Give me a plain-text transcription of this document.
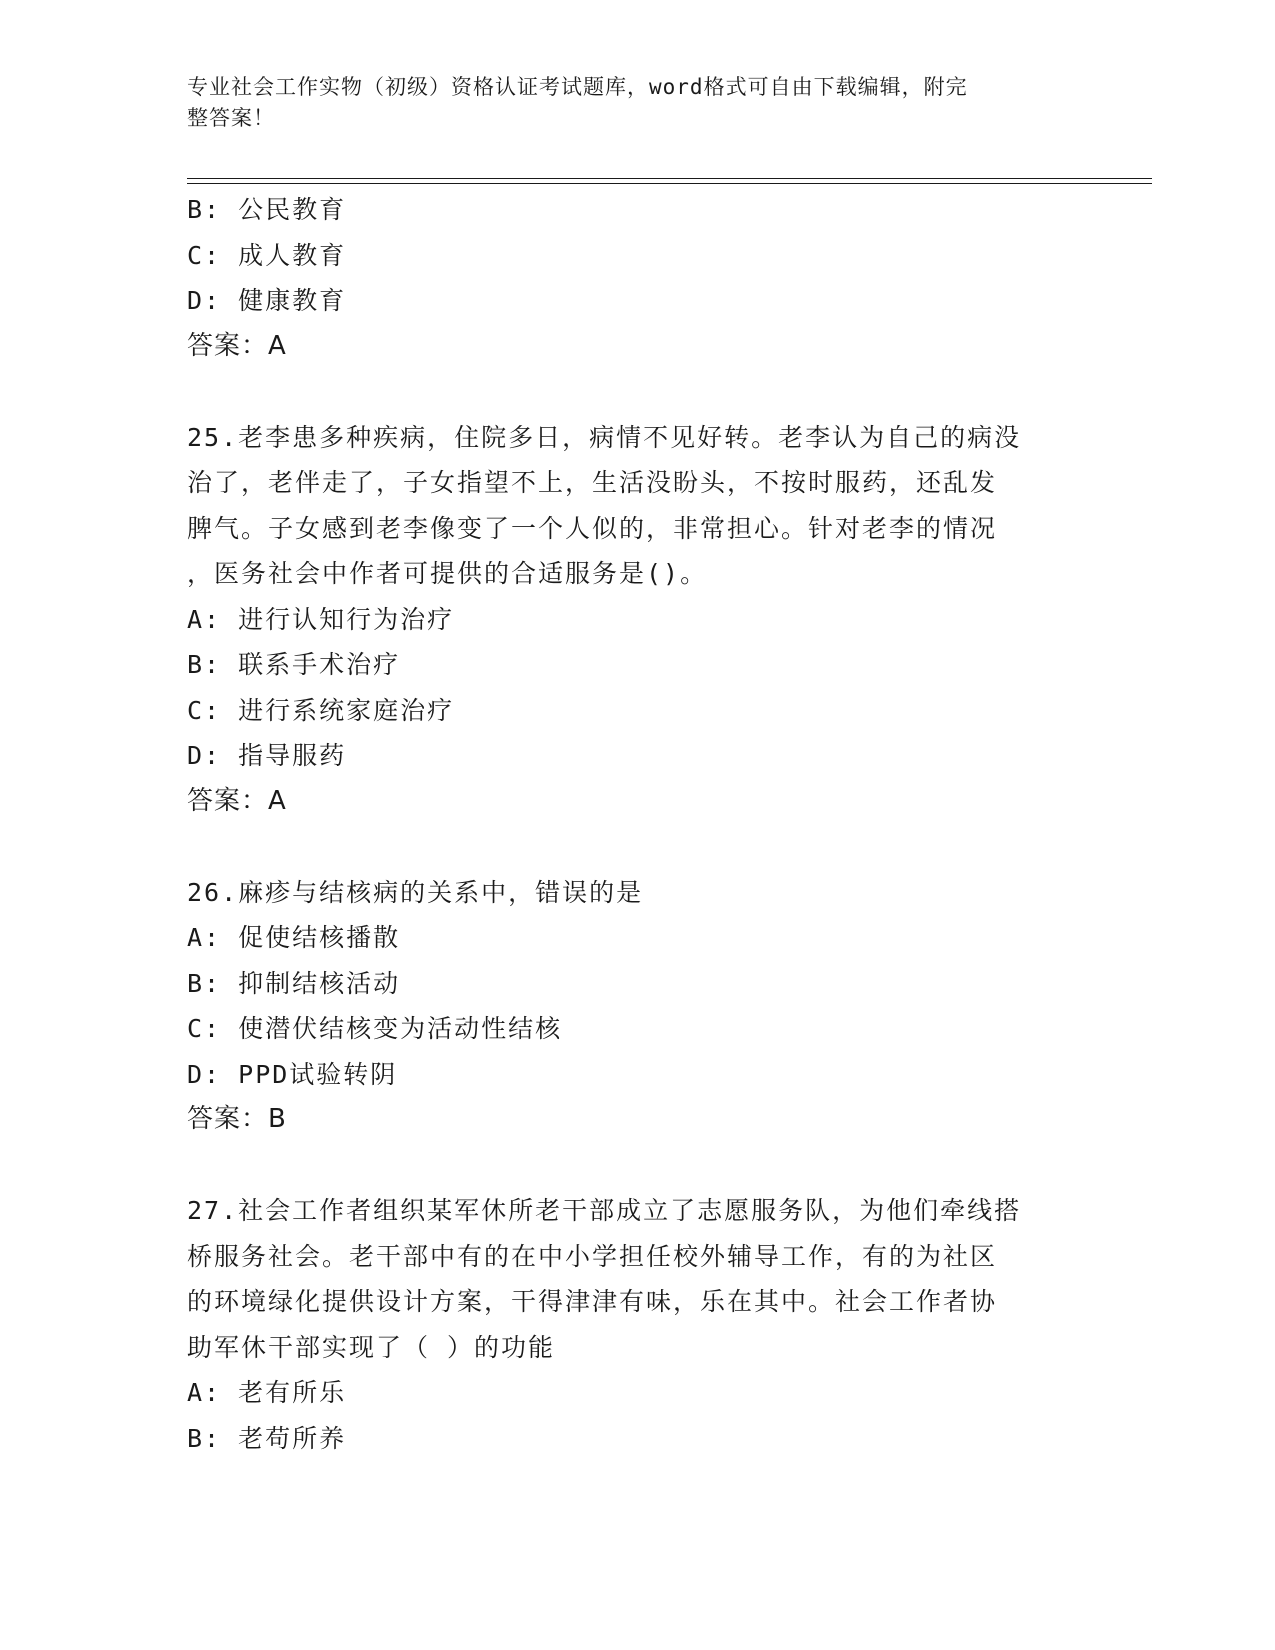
专业社会工作实物（初级）资格认证考试题库，word格式可自由下载编辑，附完
整答案！

B: 公民教育

C: 成人教育

D: 健康教育

答案：A

25.老李患多种疾病，住院多日，病情不见好转。老李认为自己的病没

治了，老伴走了，子女指望不上，生活没盼头，不按时服药，还乱发

脾气。子女感到老李像变了一个人似的，非常担心。针对老李的情况

，医务社会中作者可提供的合适服务是()。

A: 进行认知行为治疗

B: 联系手术治疗

C: 进行系统家庭治疗

D: 指导服药

答案：A

26.麻疹与结核病的关系中，错误的是

A: 促使结核播散

B: 抑制结核活动

C: 使潜伏结核变为活动性结核

D: PPD试验转阴

答案：B

27.社会工作者组织某军休所老干部成立了志愿服务队，为他们牵线搭

桥服务社会。老干部中有的在中小学担任校外辅导工作，有的为社区

的环境绿化提供设计方案，干得津津有味，乐在其中。社会工作者协

助军休干部实现了（ ）的功能

A: 老有所乐

B: 老苟所养
